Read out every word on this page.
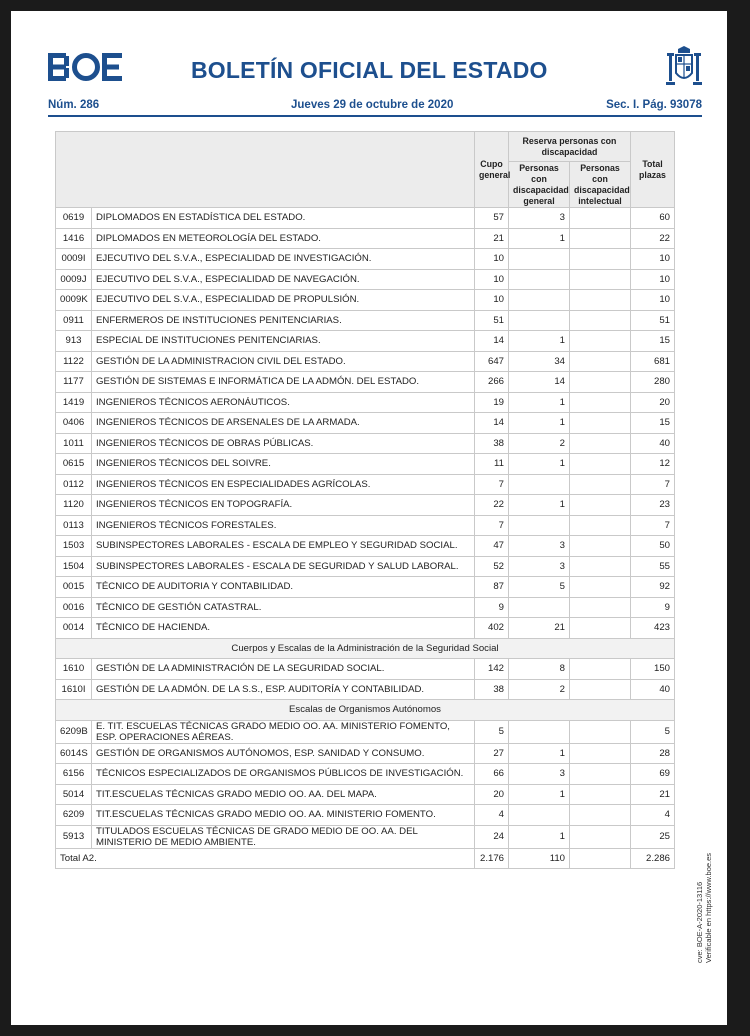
BOLETÍN OFICIAL DEL ESTADO
Núm. 286	Jueves 29 de octubre de 2020	Sec. I. Pág. 93078
cve: BOE-A-2020-13116 Verificable en https://www.boe.es
		Cupo general	Reserva personas con discapacidad		Total plazas
			Personas con discapacidad general	Personas con discapacidad intelectual	
0619	DIPLOMADOS EN ESTADÍSTICA DEL ESTADO.	57	3		60
1416	DIPLOMADOS EN METEOROLOGÍA DEL ESTADO.	21	1		22
0009I	EJECUTIVO DEL S.V.A., ESPECIALIDAD DE INVESTIGACIÓN.	10			10
0009J	EJECUTIVO DEL S.V.A., ESPECIALIDAD DE NAVEGACIÓN.	10			10
0009K	EJECUTIVO DEL S.V.A., ESPECIALIDAD DE PROPULSIÓN.	10			10
0911	ENFERMEROS DE INSTITUCIONES PENITENCIARIAS.	51			51
913	ESPECIAL DE INSTITUCIONES PENITENCIARIAS.	14	1		15
1122	GESTIÓN DE LA ADMINISTRACION CIVIL DEL ESTADO.	647	34		681
1177	GESTIÓN DE SISTEMAS E INFORMÁTICA DE LA ADMÓN. DEL ESTADO.	266	14		280
1419	INGENIEROS TÉCNICOS AERONÁUTICOS.	19	1		20
0406	INGENIEROS TÉCNICOS DE ARSENALES DE LA ARMADA.	14	1		15
1011	INGENIEROS TÉCNICOS DE OBRAS PÚBLICAS.	38	2		40
0615	INGENIEROS TÉCNICOS DEL SOIVRE.	11	1		12
0112	INGENIEROS TÉCNICOS EN ESPECIALIDADES AGRÍCOLAS.	7			7
1120	INGENIEROS TÉCNICOS EN TOPOGRAFÍA.	22	1		23
0113	INGENIEROS TÉCNICOS FORESTALES.	7			7
1503	SUBINSPECTORES LABORALES - ESCALA DE EMPLEO Y SEGURIDAD SOCIAL.	47	3		50
1504	SUBINSPECTORES LABORALES - ESCALA DE SEGURIDAD Y SALUD LABORAL.	52	3		55
0015	TÉCNICO DE AUDITORIA Y CONTABILIDAD.	87	5		92
0016	TÉCNICO DE GESTIÓN CATASTRAL.	9			9
0014	TÉCNICO DE HACIENDA.	402	21		423
Cuerpos y Escalas de la Administración de la Seguridad Social					
1610	GESTIÓN DE LA ADMINISTRACIÓN DE LA SEGURIDAD SOCIAL.	142	8		150
1610I	GESTIÓN DE LA ADMÓN. DE LA S.S., ESP. AUDITORÍA Y CONTABILIDAD.	38	2		40
Escalas de Organismos Autónomos					
6209B	E. TIT. ESCUELAS TÉCNICAS GRADO MEDIO OO. AA. MINISTERIO FOMENTO, ESP. OPERACIONES AÉREAS.	5			5
6014S	GESTIÓN DE ORGANISMOS AUTÓNOMOS, ESP. SANIDAD Y CONSUMO.	27	1		28
6156	TÉCNICOS ESPECIALIZADOS DE ORGANISMOS PÚBLICOS DE INVESTIGACIÓN.	66	3		69
5014	TIT.ESCUELAS TÉCNICAS GRADO MEDIO OO. AA. DEL MAPA.	20	1		21
6209	TIT.ESCUELAS TÉCNICAS GRADO MEDIO OO. AA. MINISTERIO FOMENTO.	4			4
5913	TITULADOS ESCUELAS TÉCNICAS DE GRADO MEDIO DE OO. AA. DEL MINISTERIO DE MEDIO AMBIENTE.	24	1		25
Total A2.		2.176	110		2.286
